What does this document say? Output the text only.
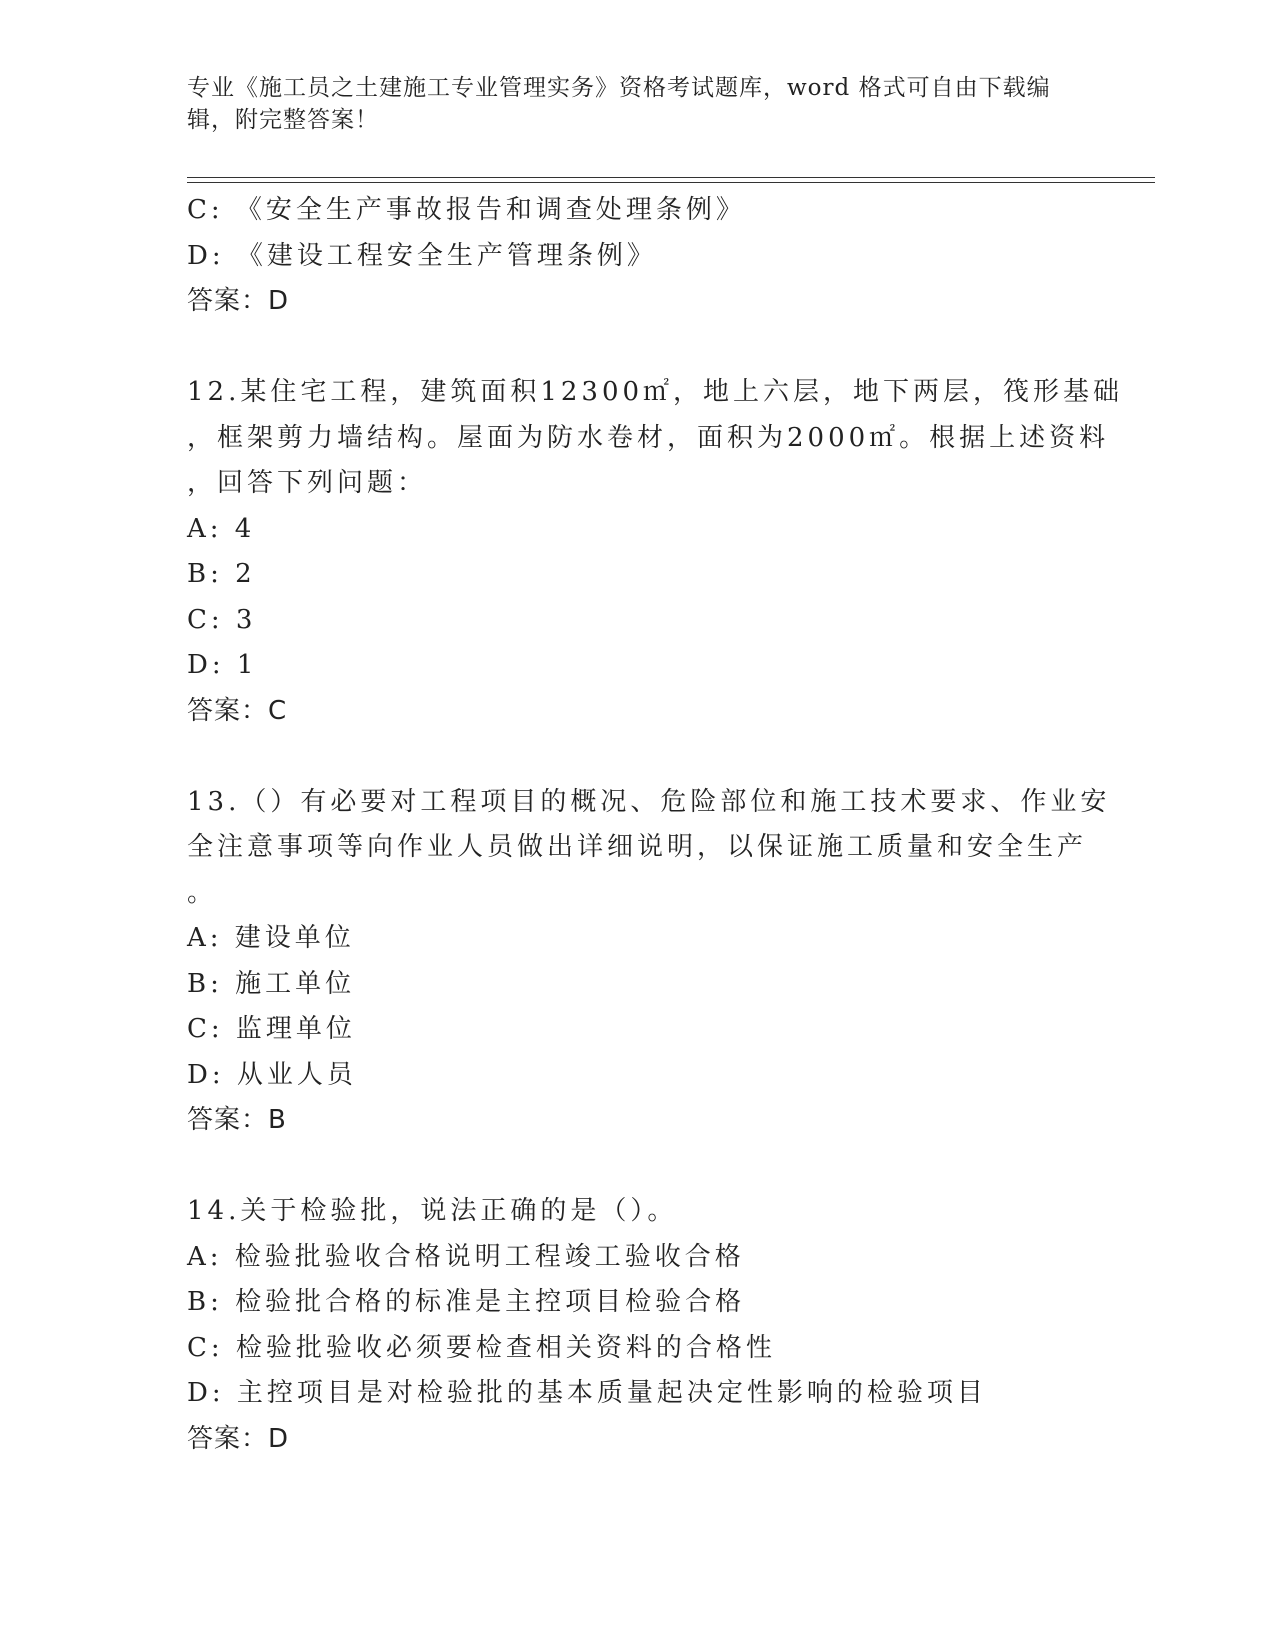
专业《施工员之土建施工专业管理实务》资格考试题库，word 格式可自由下载编
辑，附完整答案！
C: 《安全生产事故报告和调查处理条例》
D: 《建设工程安全生产管理条例》
答案：D
12.某住宅工程，建筑面积12300㎡，地上六层，地下两层，筏形基础
，框架剪力墙结构。屋面为防水卷材，面积为2000㎡。根据上述资料
，回答下列问题：
A: 4
B: 2
C: 3
D: 1
答案：C
13.（）有必要对工程项目的概况、危险部位和施工技术要求、作业安
全注意事项等向作业人员做出详细说明，以保证施工质量和安全生产
。
A: 建设单位
B: 施工单位
C: 监理单位
D: 从业人员
答案：B
14.关于检验批，说法正确的是（）。
A: 检验批验收合格说明工程竣工验收合格
B: 检验批合格的标准是主控项目检验合格
C: 检验批验收必须要检查相关资料的合格性
D: 主控项目是对检验批的基本质量起决定性影响的检验项目
答案：D
